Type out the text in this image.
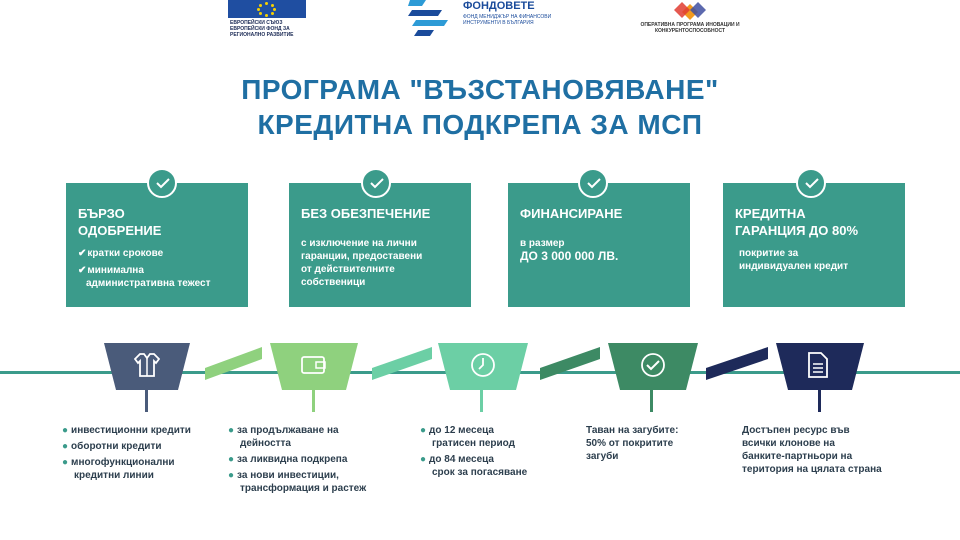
ЕВРОПЕЙСКИ СЪЮЗ ЕВРОПЕЙСКИ ФОНД ЗА РЕГИОНАЛНО РАЗВИТИЕ
ФОНДОВЕТЕ
ФОНД МЕНИДЖЪР НА ФИНАНСОВИ ИНСТРУМЕНТИ В БЪЛГАРИЯ	ОПЕРАТИВНА ПРОГРАМА ИНОВАЦИИ И КОНКУРЕНТОСПОСОБНОСТ
ПРОГРАМА "ВЪЗСТАНОВЯВАНЕ"
КРЕДИТНА ПОДКРЕПА ЗА МСП
БЪРЗО
ОДОБРЕНИЕ
✔кратки срокове
✔минимална
административна тежест
БЕЗ ОБЕЗПЕЧЕНИЕ
с изключение на лични
гаранции, предоставени
от действителните
собственици
ФИНАНСИРАНЕ
в размер
ДО 3 000 000 ЛВ.
КРЕДИТНА
ГАРАНЦИЯ ДО 80%
покритие за
индивидуален кредит
● инвестиционни кредити
● оборотни кредити
● многофункционални
кредитни линии
● за продължаване на
дейността
● за ликвидна подкрепа
● за нови инвестиции,
трансформация и растеж
● до 12 месеца
гратисен период
● до 84 месеца
срок за погасяване
Таван на загубите:
50% от покритите
загуби
Достъпен ресурс във
всички клонове на
банките-партньори на
територия на цялата страна
